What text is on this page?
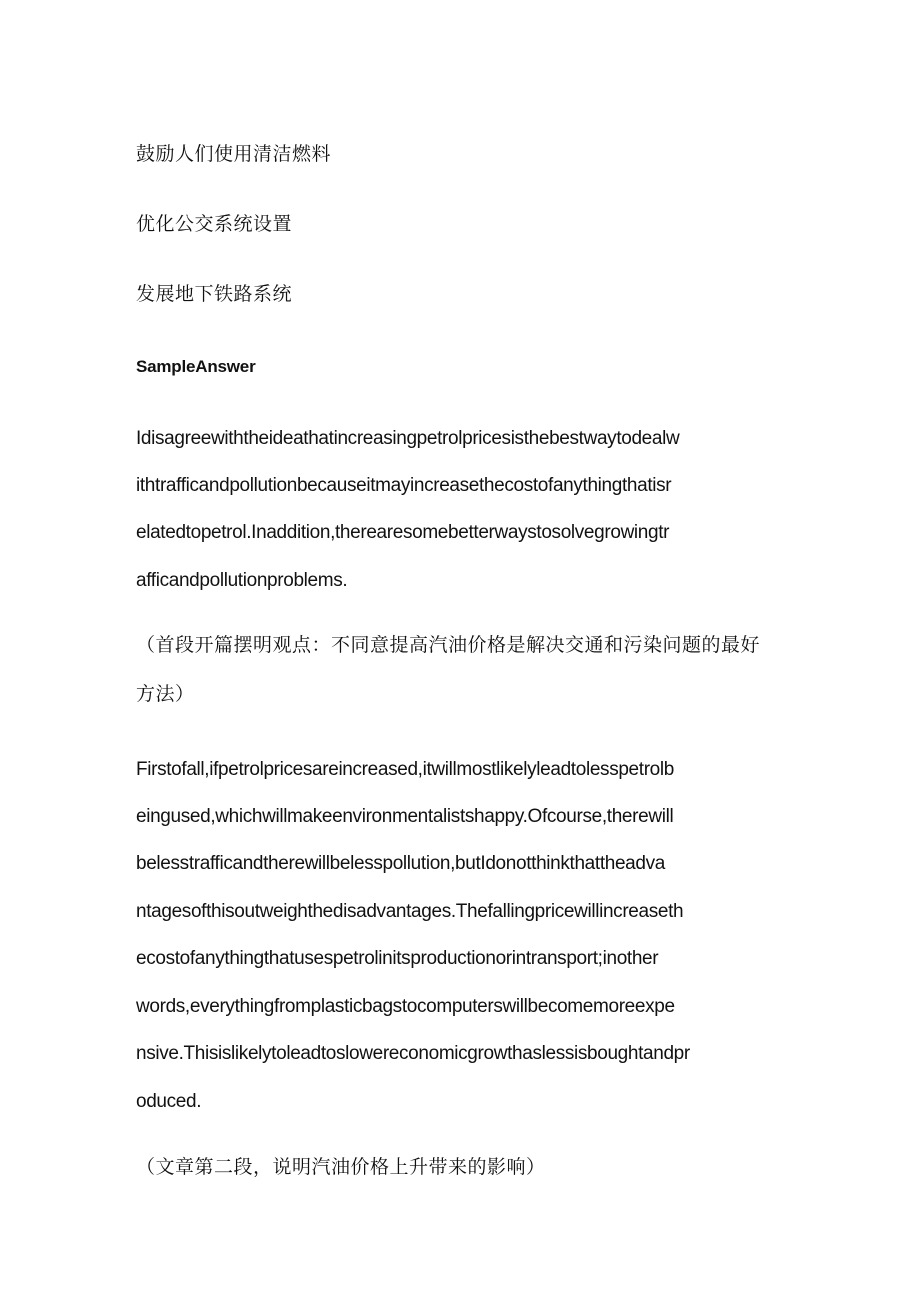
鼓励人们使用清洁燃料
优化公交系统设置
发展地下铁路系统
SampleAnswer
Idisagreewiththeideathatincreasingpetrolpricesisthebestwaytodealw
ithtrafficandpollutionbecauseitmayincreasethecostofanythingthatisr
elatedtopetrol.Inaddition,therearesomebetterwaystosolvegrowingtr
afficandpollutionproblems.
（首段开篇摆明观点：不同意提高汽油价格是解决交通和污染问题的最好
方法）
Firstofall,ifpetrolpricesareincreased,itwillmostlikelyleadtolesspetrolb
eingused,whichwillmakeenvironmentalistshappy.Ofcourse,therewill
belesstrafficandtherewillbelesspollution,butIdonotthinkthattheadva
ntagesofthisoutweighthedisadvantages.Thefallingpricewillincreaseth
ecostofanythingthatusespetrolinitsproductionorintransport;inother
words,everythingfromplasticbagstocomputerswillbecomemoreexpe
nsive.Thisislikelytoleadtoslowereconomicgrowthaslessisboughtandpr
oduced.
（文章第二段，说明汽油价格上升带来的影响）
